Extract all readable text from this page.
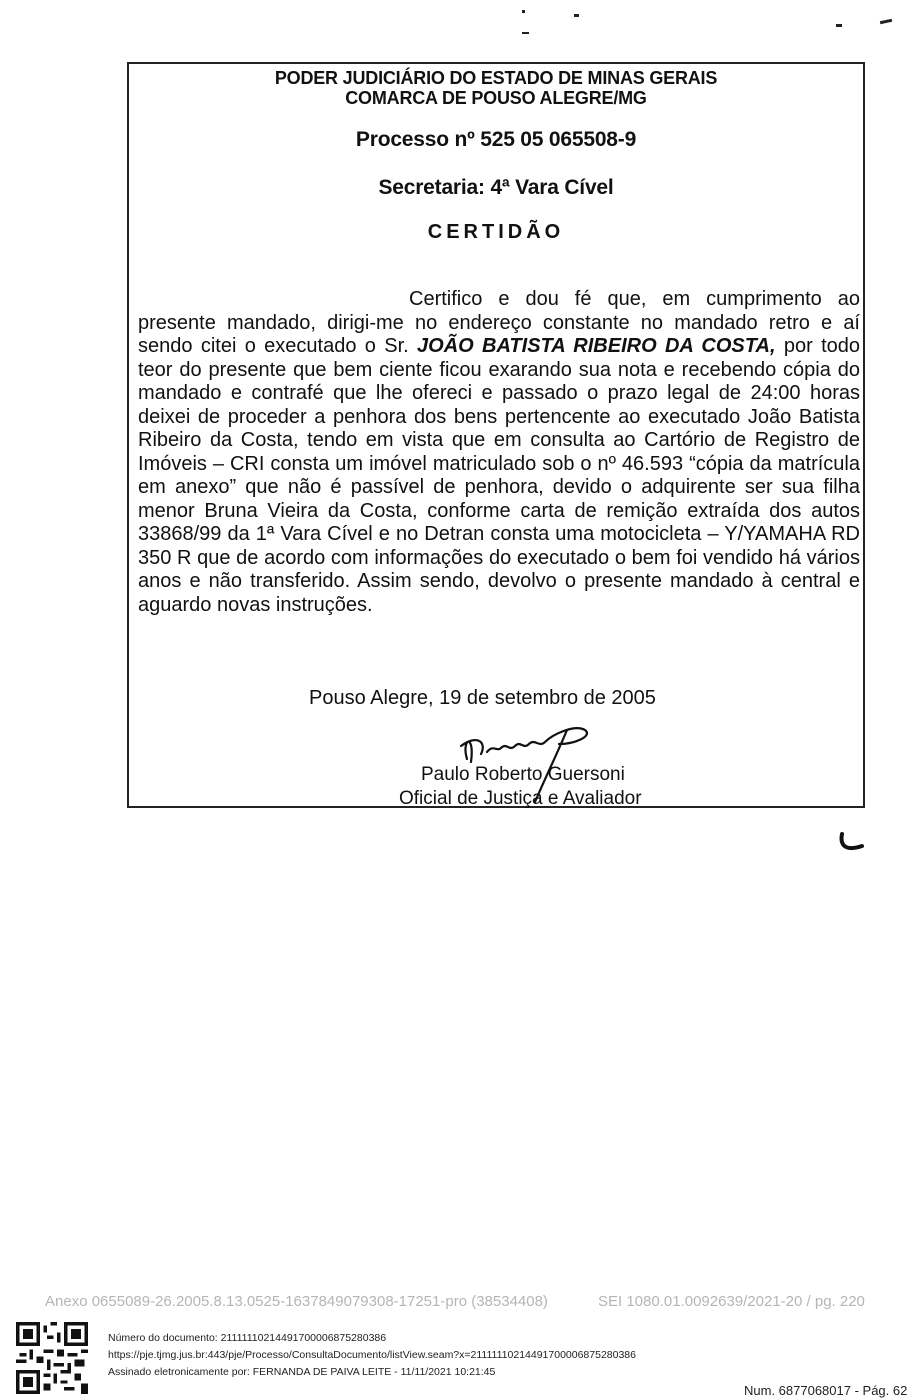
PODER JUDICIÁRIO DO ESTADO DE MINAS GERAIS
COMARCA DE POUSO ALEGRE/MG
Processo nº 525 05 065508-9
Secretaria: 4ª Vara Cível
CERTIDÃO

Certifico e dou fé que, em cumprimento ao presente mandado, dirigi-me no endereço constante no mandado retro e aí sendo citei o executado o Sr. JOÃO BATISTA RIBEIRO DA COSTA, por todo teor do presente que bem ciente ficou exarando sua nota e recebendo cópia do mandado e contrafé que lhe ofereci e passado o prazo legal de 24:00 horas deixei de proceder a penhora dos bens pertencente ao executado João Batista Ribeiro da Costa, tendo em vista que em consulta ao Cartório de Registro de Imóveis – CRI consta um imóvel matriculado sob o nº 46.593 “cópia da matrícula em anexo” que não é passível de penhora, devido o adquirente ser sua filha menor Bruna Vieira da Costa, conforme carta de remição extraída dos autos 33868/99 da 1ª Vara Cível e no Detran consta uma motocicleta – Y/YAMAHA RD 350 R que de acordo com informações do executado o bem foi vendido há vários anos e não transferido. Assim sendo, devolvo o presente mandado à central e aguardo novas instruções.

Pouso Alegre, 19 de setembro de 2005
Paulo Roberto Guersoni
Oficial de Justiça e Avaliador
Anexo 0655089-26.2005.8.13.0525-1637849079308-17251-pro (38534408)	SEI 1080.01.0092639/2021-20 / pg. 220
Número do documento: 21111110214491700006875280386
https://pje.tjmg.jus.br:443/pje/Processo/ConsultaDocumento/listView.seam?x=21111110214491700006875280386
Assinado eletronicamente por: FERNANDA DE PAIVA LEITE - 11/11/2021 10:21:45
Num. 6877068017 - Pág. 62
